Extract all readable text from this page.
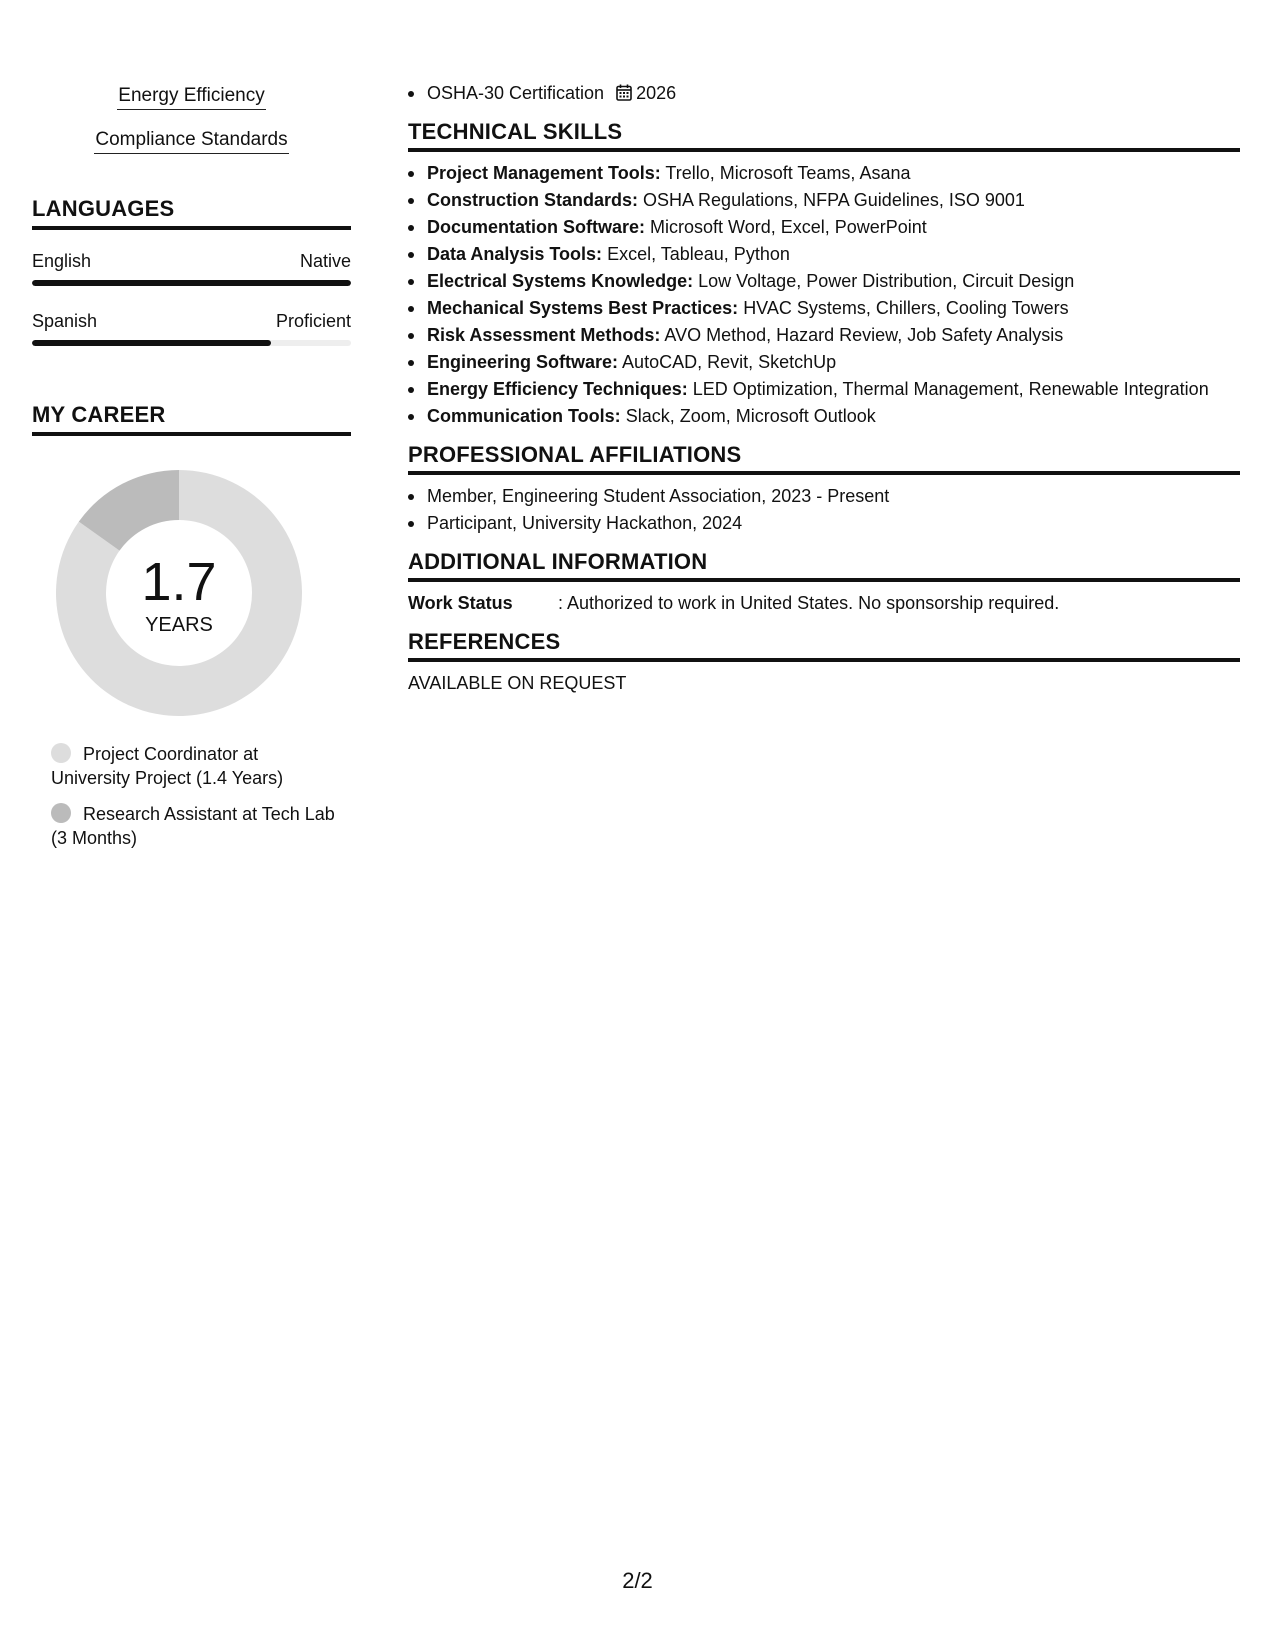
Energy Efficiency
Compliance Standards
LANGUAGES
English	Native
Spanish	Proficient
MY CAREER
1.7
YEARS
Project Coordinator at University Project (1.4 Years)
Research Assistant at Tech Lab (3 Months)
OSHA-30 Certification 2026
TECHNICAL SKILLS
Project Management Tools: Trello, Microsoft Teams, Asana
Construction Standards: OSHA Regulations, NFPA Guidelines, ISO 9001
Documentation Software: Microsoft Word, Excel, PowerPoint
Data Analysis Tools: Excel, Tableau, Python
Electrical Systems Knowledge: Low Voltage, Power Distribution, Circuit Design
Mechanical Systems Best Practices: HVAC Systems, Chillers, Cooling Towers
Risk Assessment Methods: AVO Method, Hazard Review, Job Safety Analysis
Engineering Software: AutoCAD, Revit, SketchUp
Energy Efficiency Techniques: LED Optimization, Thermal Management, Renewable Integration
Communication Tools: Slack, Zoom, Microsoft Outlook
PROFESSIONAL AFFILIATIONS
Member, Engineering Student Association, 2023 - Present
Participant, University Hackathon, 2024
ADDITIONAL INFORMATION
Work Status	: Authorized to work in United States. No sponsorship required.
REFERENCES
AVAILABLE ON REQUEST
2/2
